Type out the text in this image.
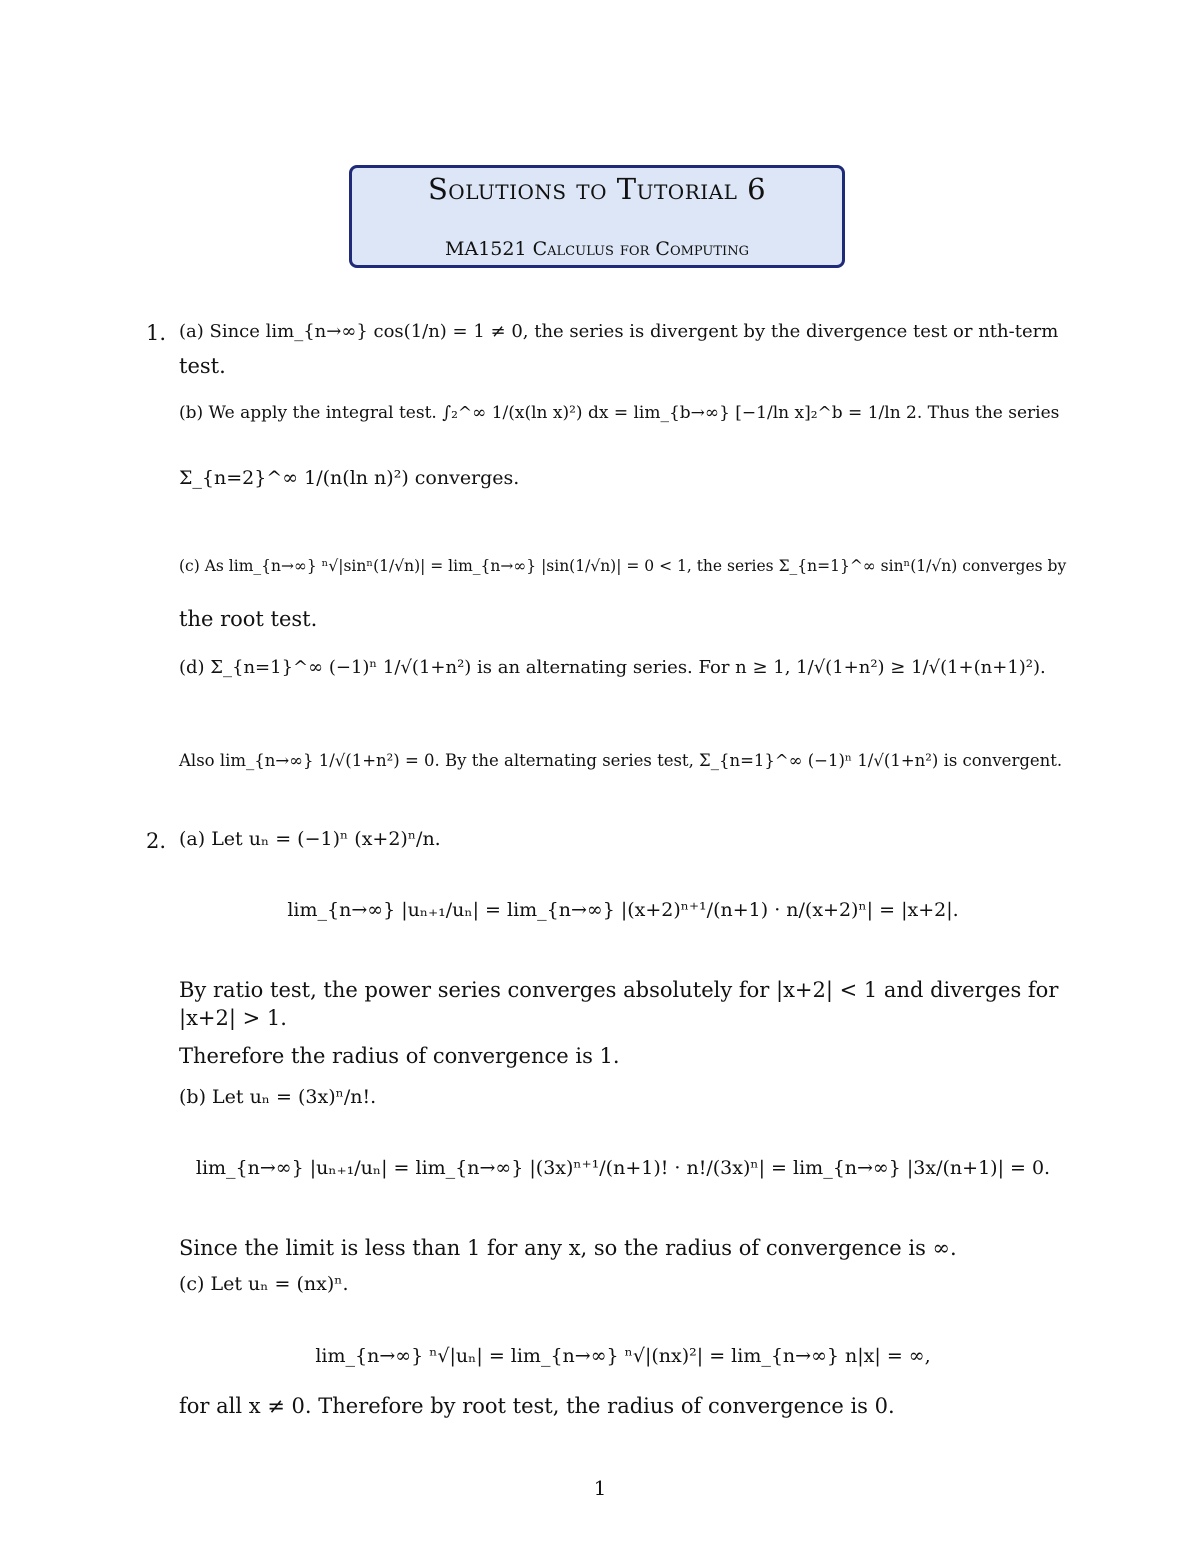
Solutions to Tutorial 6
MA1521 Calculus for Computing
1. (a) Since lim_{n→∞} cos(1/n) = 1 ≠ 0, the series is divergent by the divergence test or nth-term
test.
(b) We apply the integral test. ∫₂^∞ 1/(x(ln x)²) dx = lim_{b→∞} [−1/ln x]₂^b = 1/ln 2. Thus the series
Σ_{n=2}^∞ 1/(n(ln n)²) converges.
(c) As lim_{n→∞} ⁿ√|sinⁿ(1/√n)| = lim_{n→∞} |sin(1/√n)| = 0 < 1, the series Σ_{n=1}^∞ sinⁿ(1/√n) converges by
the root test.
(d) Σ_{n=1}^∞ (−1)ⁿ 1/√(1+n²) is an alternating series. For n ≥ 1, 1/√(1+n²) ≥ 1/√(1+(n+1)²).
Also lim_{n→∞} 1/√(1+n²) = 0. By the alternating series test, Σ_{n=1}^∞ (−1)ⁿ 1/√(1+n²) is convergent.
2. (a) Let uₙ = (−1)ⁿ (x+2)ⁿ/n.
lim_{n→∞} |uₙ₊₁/uₙ| = lim_{n→∞} |(x+2)ⁿ⁺¹/(n+1) · n/(x+2)ⁿ| = |x+2|.
By ratio test, the power series converges absolutely for |x+2| < 1 and diverges for
|x+2| > 1.
Therefore the radius of convergence is 1.
(b) Let uₙ = (3x)ⁿ/n!.
lim_{n→∞} |uₙ₊₁/uₙ| = lim_{n→∞} |(3x)ⁿ⁺¹/(n+1)! · n!/(3x)ⁿ| = lim_{n→∞} |3x/(n+1)| = 0.
Since the limit is less than 1 for any x, so the radius of convergence is ∞.
(c) Let uₙ = (nx)ⁿ.
lim_{n→∞} ⁿ√|uₙ| = lim_{n→∞} ⁿ√|(nx)²| = lim_{n→∞} n|x| = ∞,
for all x ≠ 0. Therefore by root test, the radius of convergence is 0.
1
